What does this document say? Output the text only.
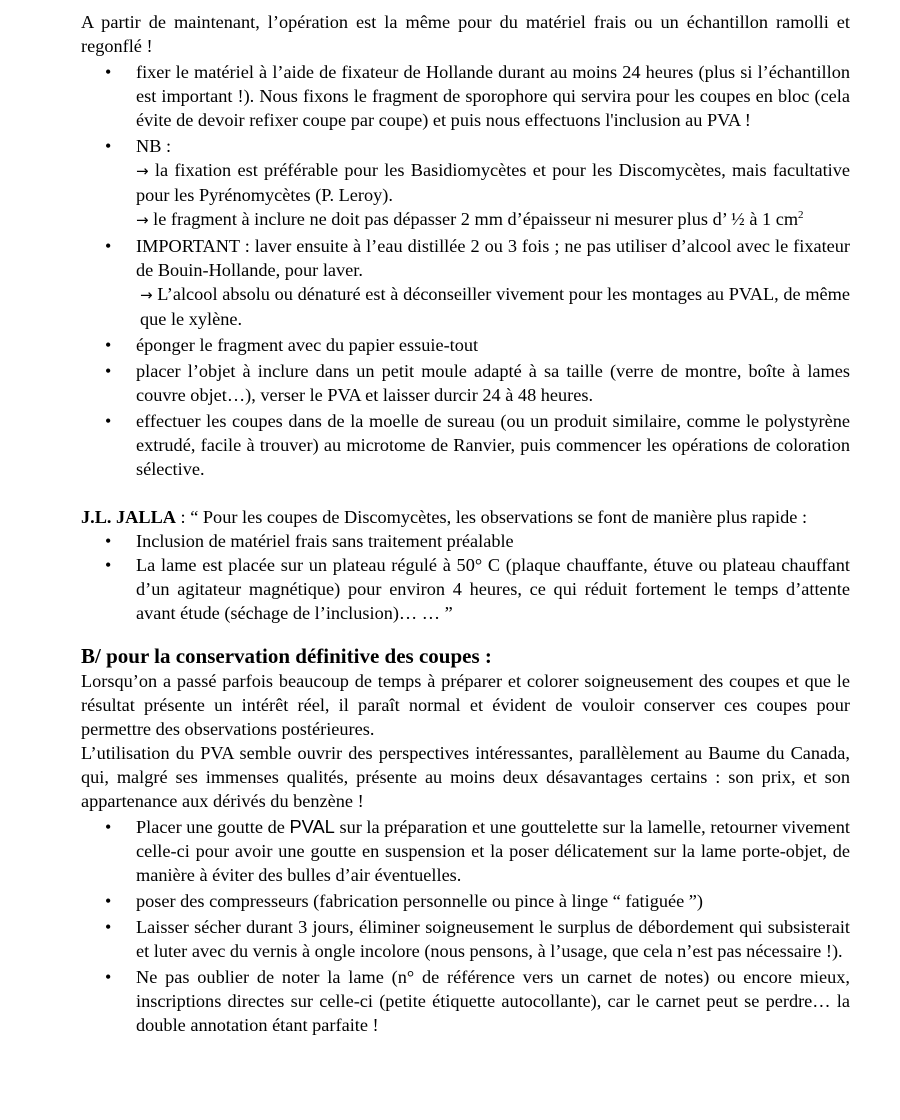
A partir de maintenant, l’opération est la même pour du matériel frais ou un échantillon ramolli et regonflé !

• fixer le matériel à l’aide de fixateur de Hollande durant au moins 24 heures (plus si l’échantillon est important !). Nous fixons le fragment de sporophore qui servira pour les coupes en bloc (cela évite de devoir refixer coupe par coupe) et puis nous effectuons l'inclusion au PVA !
• NB :
→ la fixation est préférable pour les Basidiomycètes et pour les Discomycètes, mais facultative pour les Pyrénomycètes (P. Leroy).
→ le fragment à inclure ne doit pas dépasser 2 mm d’épaisseur ni mesurer plus d’ ½ à 1 $cm^2$
• IMPORTANT : laver ensuite à l’eau distillée 2 ou 3 fois ; ne pas utiliser d’alcool avec le fixateur de Bouin-Hollande, pour laver.
→ L’alcool absolu ou dénaturé est à déconseiller vivement pour les montages au PVAL, de même que le xylène.
• éponger le fragment avec du papier essuie-tout
• placer l’objet à inclure dans un petit moule adapté à sa taille (verre de montre, boîte à lames couvre objet…), verser le PVA et laisser durcir 24 à 48 heures.
• effectuer les coupes dans de la moelle de sureau (ou un produit similaire, comme le polystyrène extrudé, facile à trouver) au microtome de Ranvier, puis commencer les opérations de coloration sélective.

J.L. JALLA : “ Pour les coupes de Discomycètes, les observations se font de manière plus rapide :

• Inclusion de matériel frais sans traitement préalable
• La lame est placée sur un plateau régulé à 50° C (plaque chauffante, étuve ou plateau chauffant d’un agitateur magnétique) pour environ 4 heures, ce qui réduit fortement le temps d’attente avant étude (séchage de l’inclusion)… … ”

B/ pour la conservation définitive des coupes :

Lorsqu’on a passé parfois beaucoup de temps à préparer et colorer soigneusement des coupes et que le résultat présente un intérêt réel, il paraît normal et évident de vouloir conserver ces coupes pour permettre des observations postérieures.

L’utilisation du PVA semble ouvrir des perspectives intéressantes, parallèlement au Baume du Canada, qui, malgré ses immenses qualités, présente au moins deux désavantages certains : son prix, et son appartenance aux dérivés du benzène !

• Placer une goutte de PVAL sur la préparation et une gouttelette sur la lamelle, retourner vivement celle-ci pour avoir une goutte en suspension et la poser délicatement sur la lame porte-objet, de manière à éviter des bulles d’air éventuelles.
• poser des compresseurs (fabrication personnelle ou pince à linge “ fatiguée ”)
• Laisser sécher durant 3 jours, éliminer soigneusement le surplus de débordement qui subsisterait et luter avec du vernis à ongle incolore (nous pensons, à l’usage, que cela n’est pas nécessaire !).
• Ne pas oublier de noter la lame (n° de référence vers un carnet de notes) ou encore mieux, inscriptions directes sur celle-ci (petite étiquette autocollante), car le carnet peut se perdre… la double annotation étant parfaite !
